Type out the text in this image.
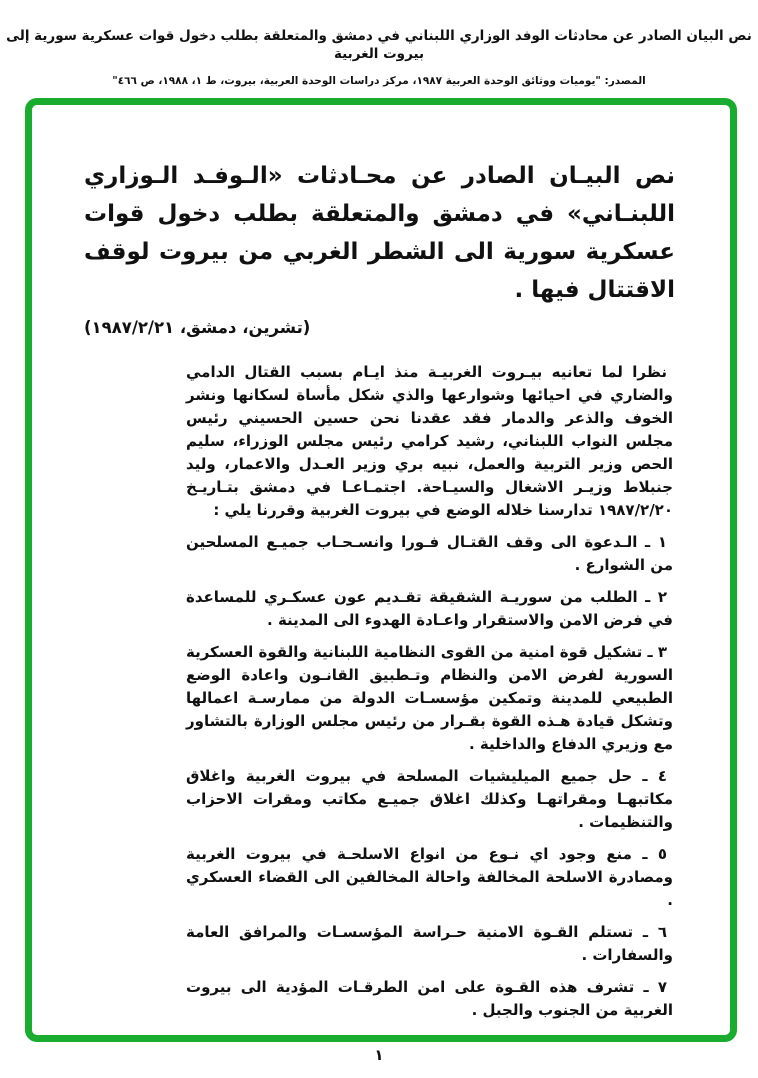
نص البيان الصادر عن محادثات الوفد الوزاري اللبناني في دمشق والمتعلقة بطلب دخول قوات عسكرية سورية إلى بيروت الغربية
المصدر: "يوميات ووثائق الوحدة العربية ١٩٨٧، مركز دراسات الوحدة العربية، بيروت، ط ١، ١٩٨٨، ص ٤٦٦"
نص البيـان الصادر عن محـادثات «الـوفـد الـوزاري اللبنـاني» في دمشق والمتعلقة بطلب دخول قوات عسكرية سورية الى الشطر الغربي من بيروت لوقف الاقتتال فيها .
(تشرين، دمشق، ١٩٨٧/٢/٢١)

نظرا لما تعانيه بيـروت الغربيـة منذ ايـام بسبب القتال الدامي والضاري في احيائها وشوارعها والذي شكل مأساة لسكانها ونشر الخوف والذعر والدمار فقد عقدنا نحن حسين الحسيني رئيس مجلس النواب اللبناني، رشيد كرامي رئيس مجلس الوزراء، سليم الحص وزير التربية والعمل، نبيه بري وزير العـدل والاعمار، وليد جنبلاط وزيـر الاشغال والسيـاحة. اجتمـاعـا في دمشق بتـاريـخ ١٩٨٧/٢/٢٠ تدارسنا خلاله الوضع في بيروت الغربية وقررنا يلي :

١ ـ الـدعوة الى وقف القتـال فـورا وانسـحـاب جميـع المسلحين من الشوارع .

٢ ـ الطلب من سوريـة الشقيقة تقـديم عون عسكـري للمساعدة في فرض الامن والاستقرار واعـادة الهدوء الى المدينة .

٣ ـ تشكيل قوة امنية من القوى النظامية اللبنانية والقوة العسكرية السورية لفرض الامن والنظام وتـطبيق القانـون واعادة الوضع الطبيعي للمدينة وتمكين مؤسسـات الدولة من ممارسـة اعمالها وتشكل قيادة هـذه القوة بقـرار من رئيس مجلس الوزارة بالتشاور مع وزيري الدفاع والداخلية .

٤ ـ حل جميع الميليشيات المسلحة في بيروت الغربية واغلاق مكاتبهـا ومقراتهـا وكذلك اغلاق جميـع مكاتب ومقرات الاحزاب والتنظيمات .

٥ ـ منع وجود اي نـوع من انواع الاسلحـة في بيروت الغربية ومصادرة الاسلحة المخالفة واحالة المخالفين الى القضاء العسكري .

٦ ـ تستلم القـوة الامنية حـراسة المؤسسـات والمرافق العامة والسفارات .

٧ ـ تشرف هذه القـوة على امن الطرقـات المؤدية الى بيروت الغربية من الجنوب والجبل .

١
